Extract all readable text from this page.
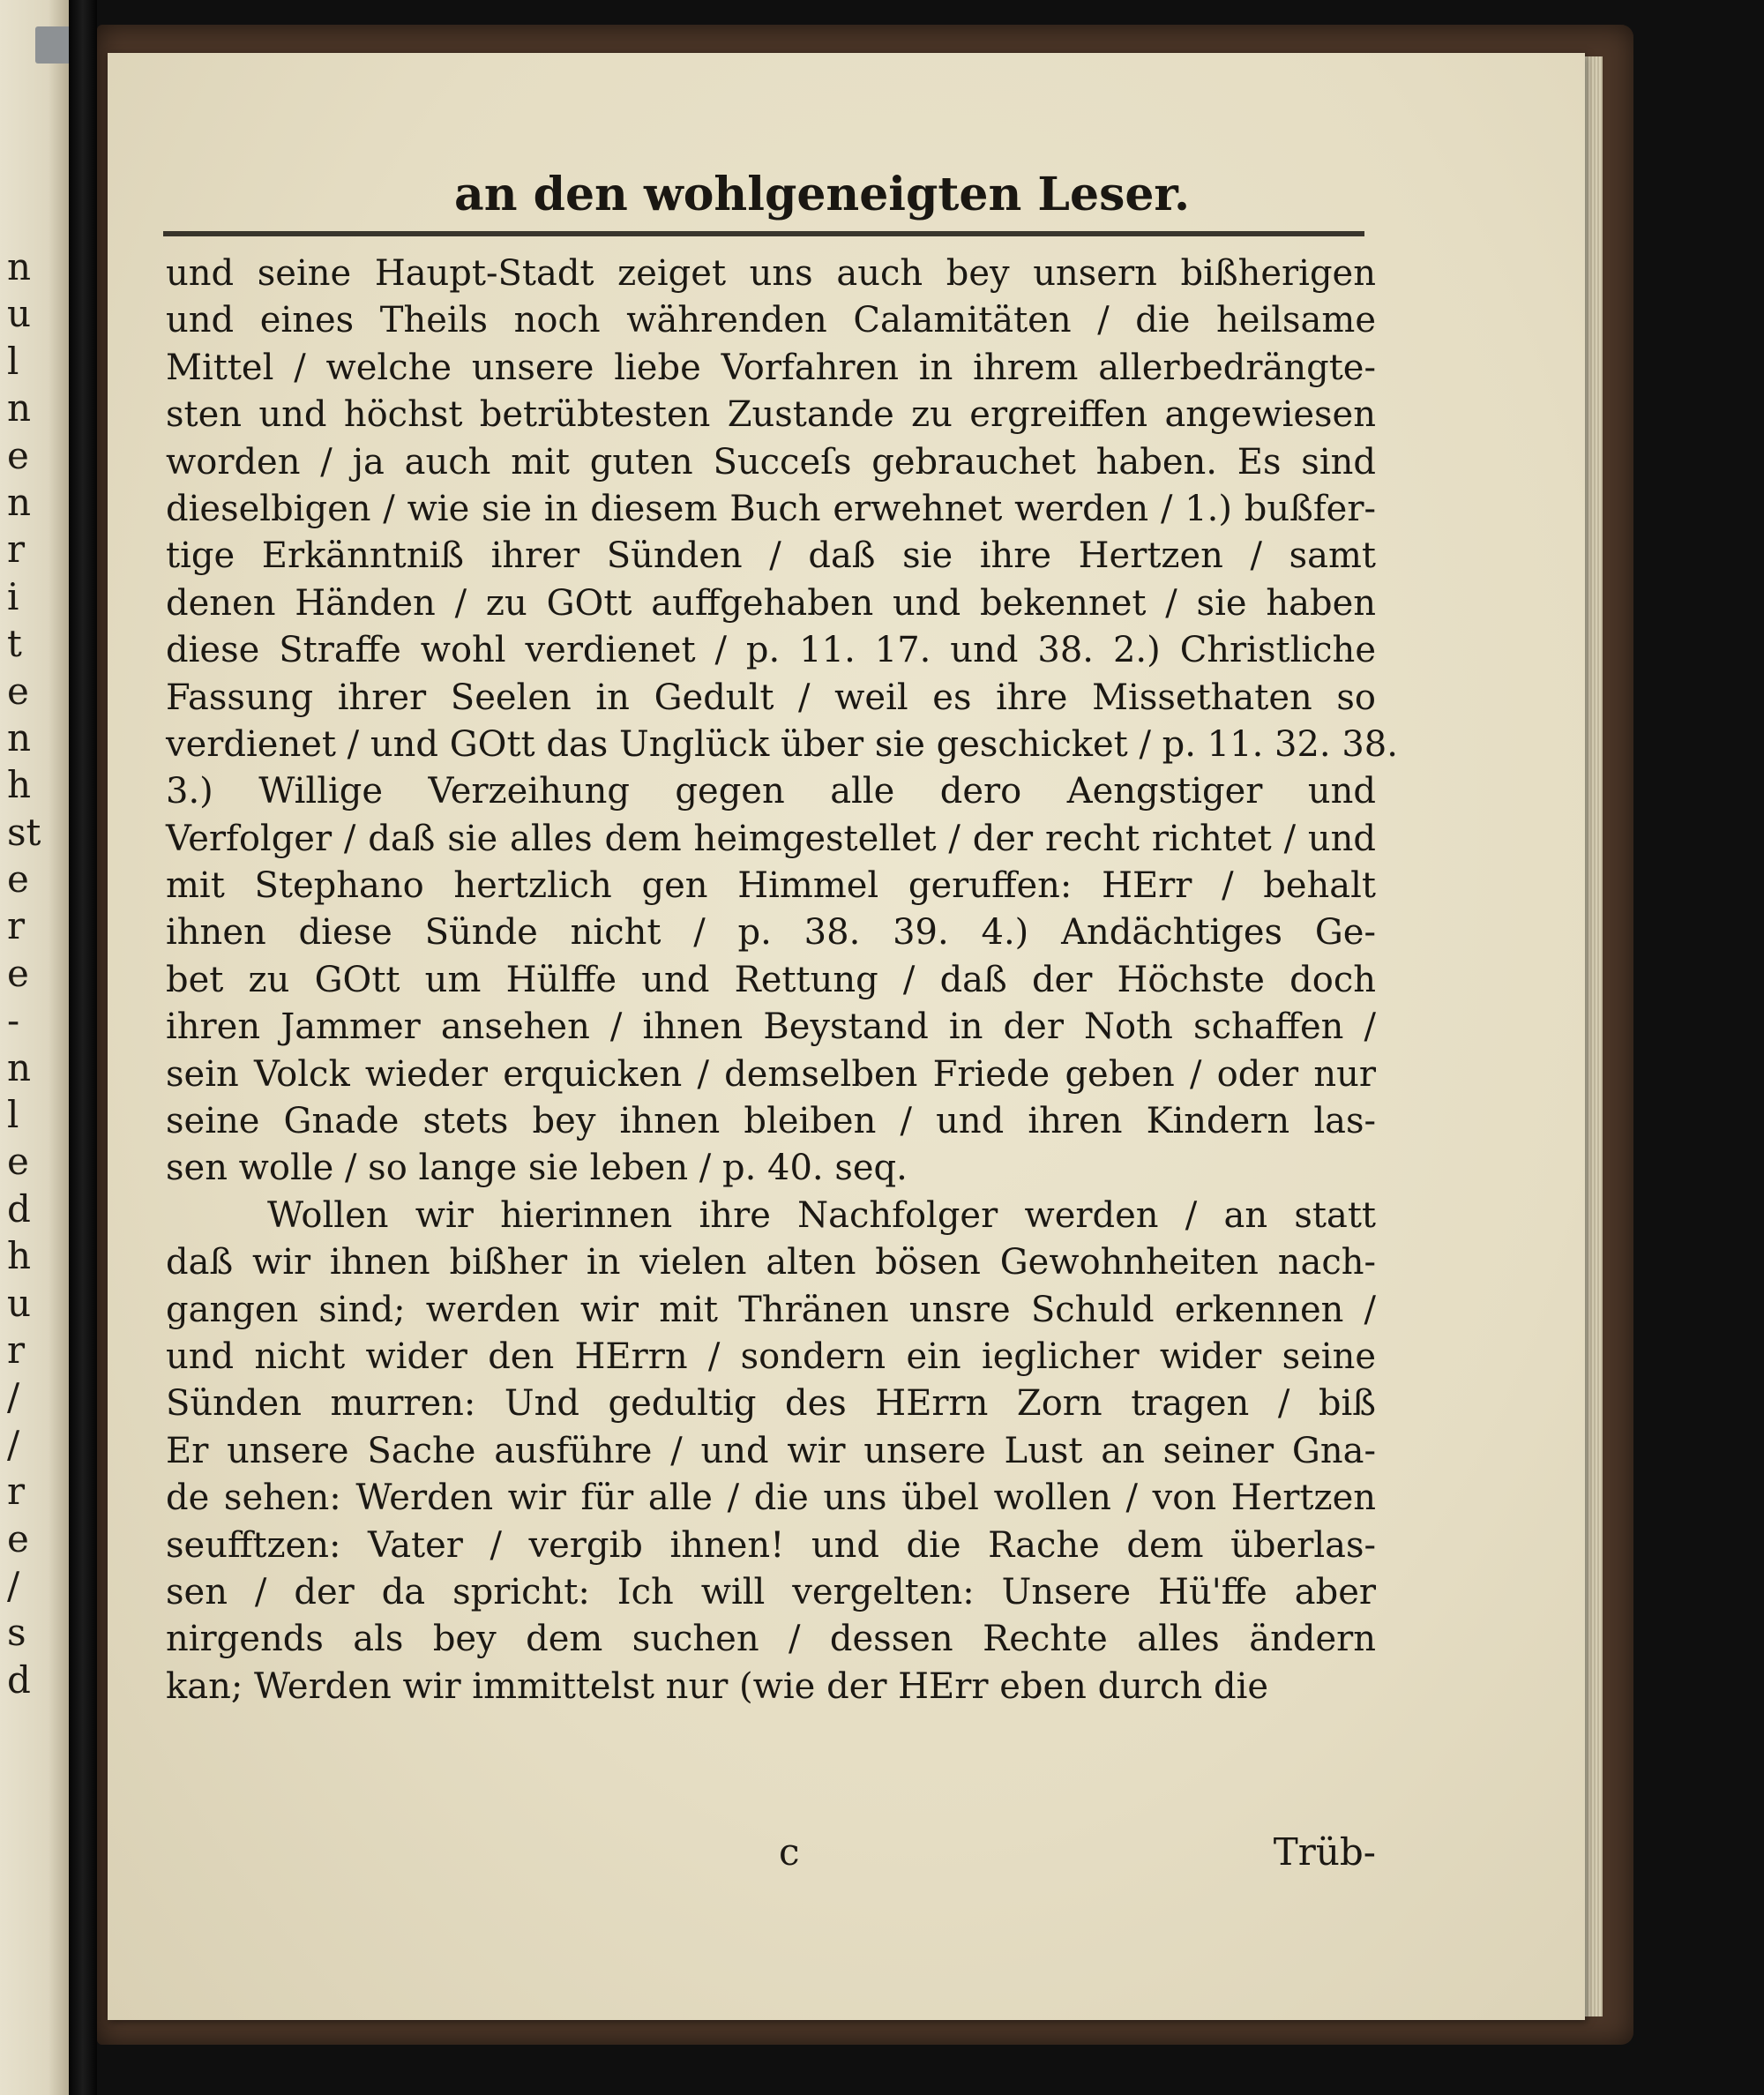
n
u
l
n
e
n
r
i
t
e
n
h
st
e
r
e
-
n
l
e
d
h
u
r
/
/
r
e
/
s
d
an den wohlgeneigten Leser.
und seine Haupt-Stadt zeiget uns auch bey unsern bißherigen
und eines Theils noch währenden Calamitäten / die heilsame
Mittel / welche unsere liebe Vorfahren in ihrem allerbedrängte-
sten und höchst betrübtesten Zustande zu ergreiffen angewiesen
worden / ja auch mit guten Succeſs gebrauchet haben. Es sind
dieselbigen / wie sie in diesem Buch erwehnet werden / 1.) bußfer-
tige Erkänntniß ihrer Sünden / daß sie ihre Hertzen / samt
denen Händen / zu GOtt auffgehaben und bekennet / sie haben
diese Straffe wohl verdienet / p. 11. 17. und 38. 2.) Christliche
Fassung ihrer Seelen in Gedult / weil es ihre Missethaten so
verdienet / und GOtt das Unglück über sie geschicket / p. 11. 32. 38.
3.) Willige Verzeihung gegen alle dero Aengstiger und
Verfolger / daß sie alles dem heimgestellet / der recht richtet / und
mit Stephano hertzlich gen Himmel geruffen: HErr / behalt
ihnen diese Sünde nicht / p. 38. 39. 4.) Andächtiges Ge-
bet zu GOtt um Hülffe und Rettung / daß der Höchste doch
ihren Jammer ansehen / ihnen Beystand in der Noth schaffen /
sein Volck wieder erquicken / demselben Friede geben / oder nur
seine Gnade stets bey ihnen bleiben / und ihren Kindern las-
sen wolle / so lange sie leben / p. 40. seq.
Wollen wir hierinnen ihre Nachfolger werden / an statt
daß wir ihnen bißher in vielen alten bösen Gewohnheiten nach-
gangen sind; werden wir mit Thränen unsre Schuld erkennen /
und nicht wider den HErrn / sondern ein ieglicher wider seine
Sünden murren: Und gedultig des HErrn Zorn tragen / biß
Er unsere Sache ausführe / und wir unsere Lust an seiner Gna-
de sehen: Werden wir für alle / die uns übel wollen / von Hertzen
seufftzen: Vater / vergib ihnen! und die Rache dem überlas-
sen / der da spricht: Ich will vergelten: Unsere Hü'ffe aber
nirgends als bey dem suchen / dessen Rechte alles ändern
kan; Werden wir immittelst nur (wie der HErr eben durch die
c	Trüb-
